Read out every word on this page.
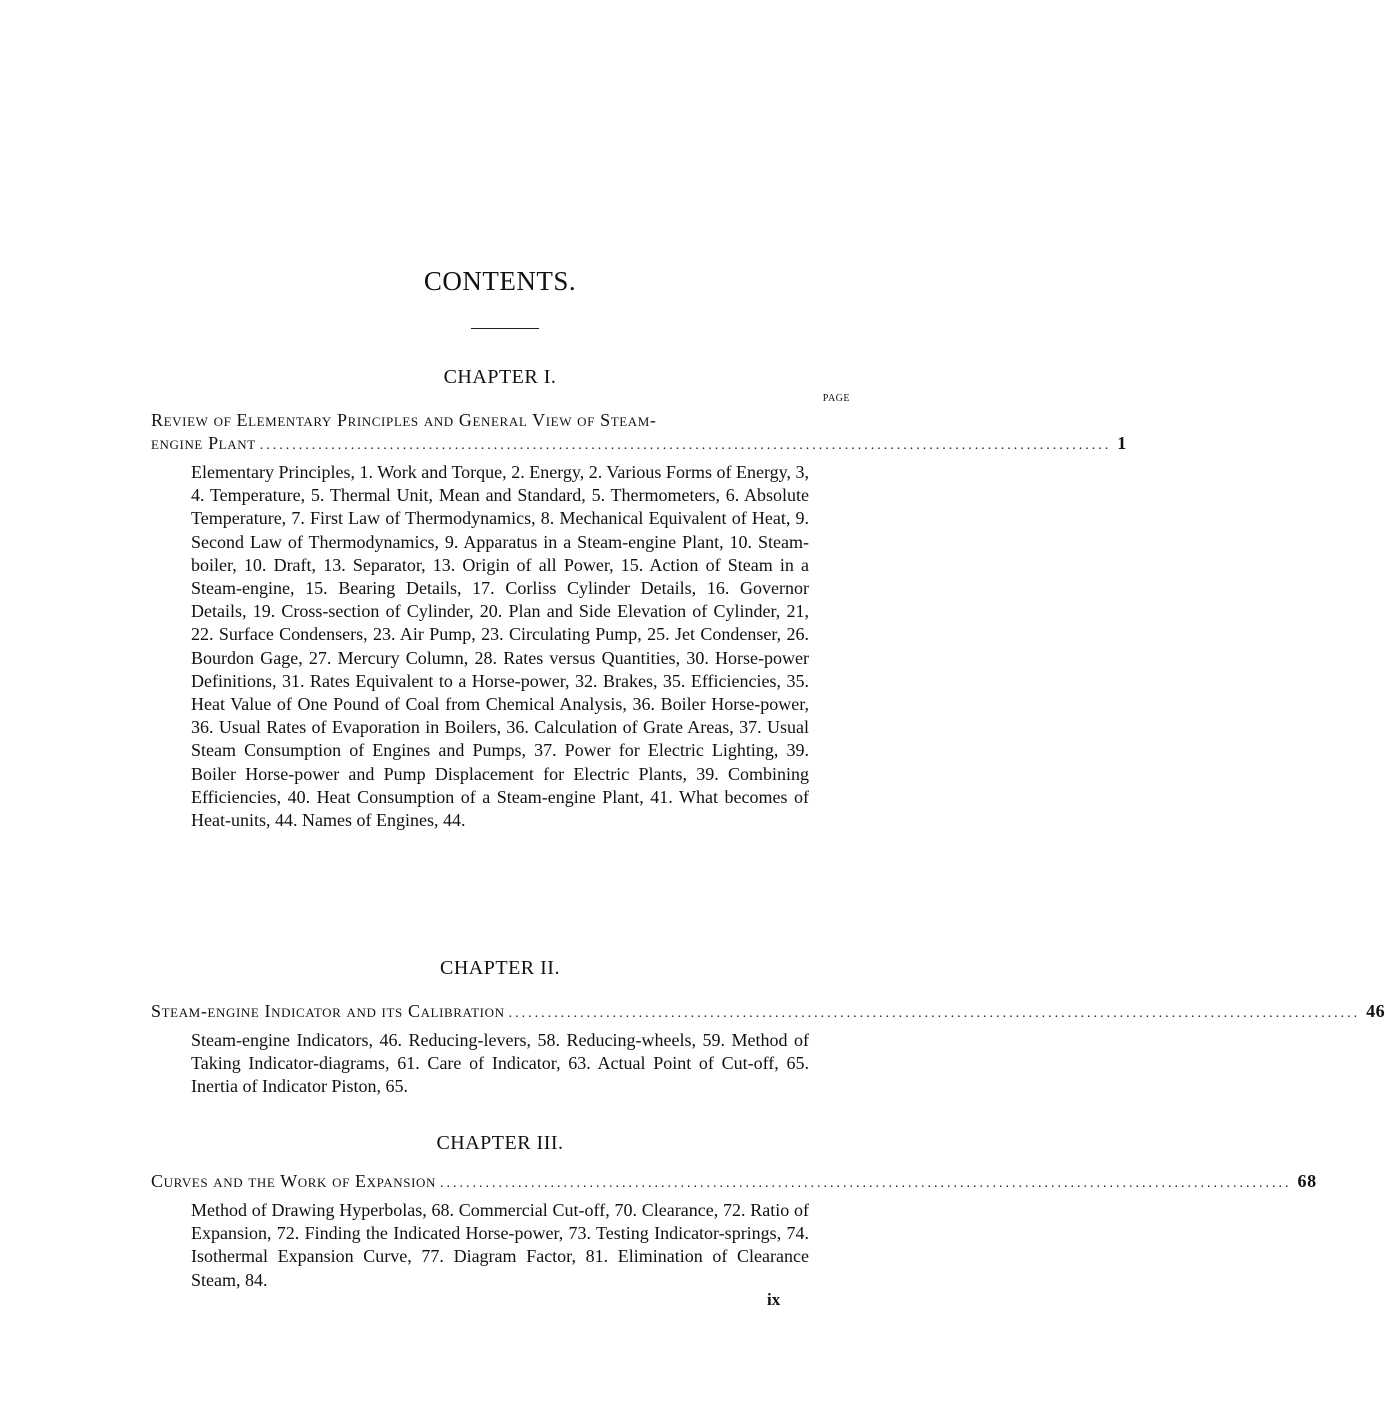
CONTENTS.
CHAPTER I.
PAGE
Review of Elementary Principles and General View of Steam-
engine Plant ................................................................................................................................... 1
Elementary Principles, 1. Work and Torque, 2. Energy, 2. Various Forms of Energy, 3, 4. Temperature, 5. Thermal Unit, Mean and Standard, 5. Thermometers, 6. Absolute Temperature, 7. First Law of Thermodynamics, 8. Mechanical Equivalent of Heat, 9. Second Law of Thermodynamics, 9. Apparatus in a Steam-engine Plant, 10. Steam-boiler, 10. Draft, 13. Separator, 13. Origin of all Power, 15. Action of Steam in a Steam-engine, 15. Bearing Details, 17. Corliss Cylinder Details, 16. Governor Details, 19. Cross-section of Cylinder, 20. Plan and Side Elevation of Cylinder, 21, 22. Surface Condensers, 23. Air Pump, 23. Circulating Pump, 25. Jet Condenser, 26. Bourdon Gage, 27. Mercury Column, 28. Rates versus Quantities, 30. Horse-power Definitions, 31. Rates Equivalent to a Horse-power, 32. Brakes, 35. Efficiencies, 35. Heat Value of One Pound of Coal from Chemical Analysis, 36. Boiler Horse-power, 36. Usual Rates of Evaporation in Boilers, 36. Calculation of Grate Areas, 37. Usual Steam Consumption of Engines and Pumps, 37. Power for Electric Lighting, 39. Boiler Horse-power and Pump Displacement for Electric Plants, 39. Combining Efficiencies, 40. Heat Consumption of a Steam-engine Plant, 41. What becomes of Heat-units, 44. Names of Engines, 44.
CHAPTER II.
Steam-engine Indicator and its Calibration ................................................................................................................................... 46
Steam-engine Indicators, 46. Reducing-levers, 58. Reducing-wheels, 59. Method of Taking Indicator-diagrams, 61. Care of Indicator, 63. Actual Point of Cut-off, 65. Inertia of Indicator Piston, 65.
CHAPTER III.
Curves and the Work of Expansion ................................................................................................................................... 68
Method of Drawing Hyperbolas, 68. Commercial Cut-off, 70. Clearance, 72. Ratio of Expansion, 72. Finding the Indicated Horse-power, 73. Testing Indicator-springs, 74. Isothermal Expansion Curve, 77. Diagram Factor, 81. Elimination of Clearance Steam, 84.
ix
